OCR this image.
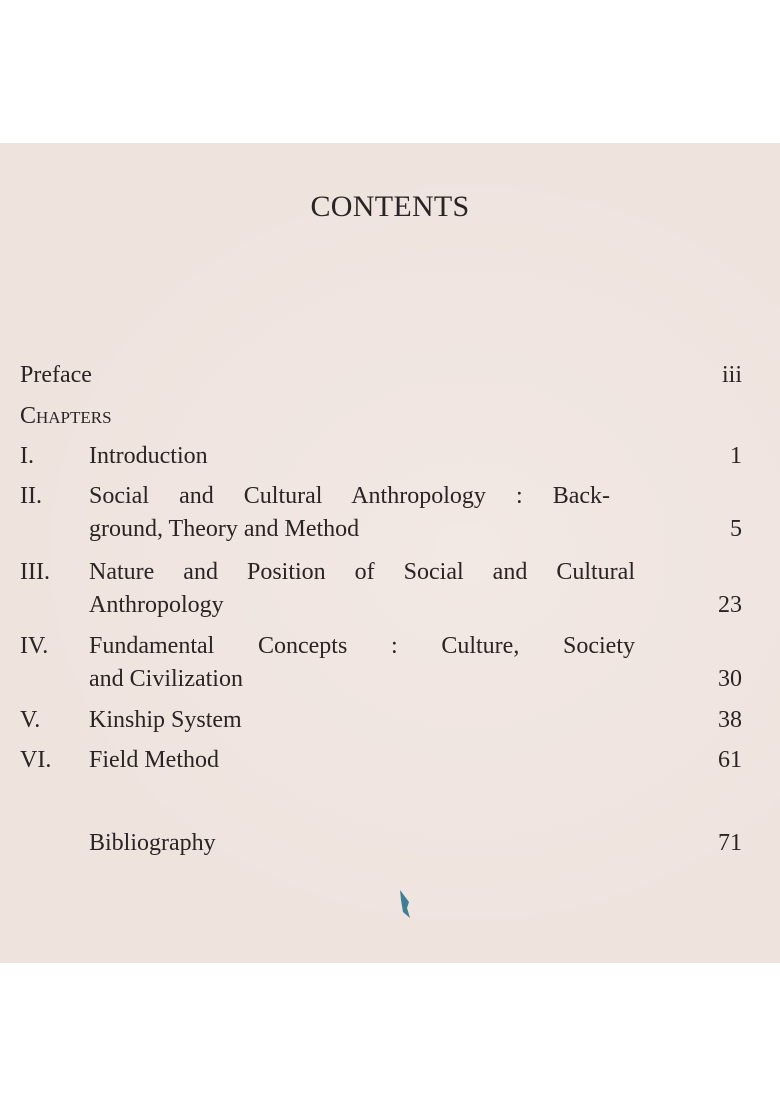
CONTENTS
Preface	iii
Chapters
I. Introduction	1
II. Social and Cultural Anthropology : Back-
ground, Theory and Method	5
III. Nature and Position of Social and Cultural
Anthropology	23
IV. Fundamental Concepts : Culture, Society
and Civilization	30
V. Kinship System	38
VI. Field Method	61
Bibliography	71
